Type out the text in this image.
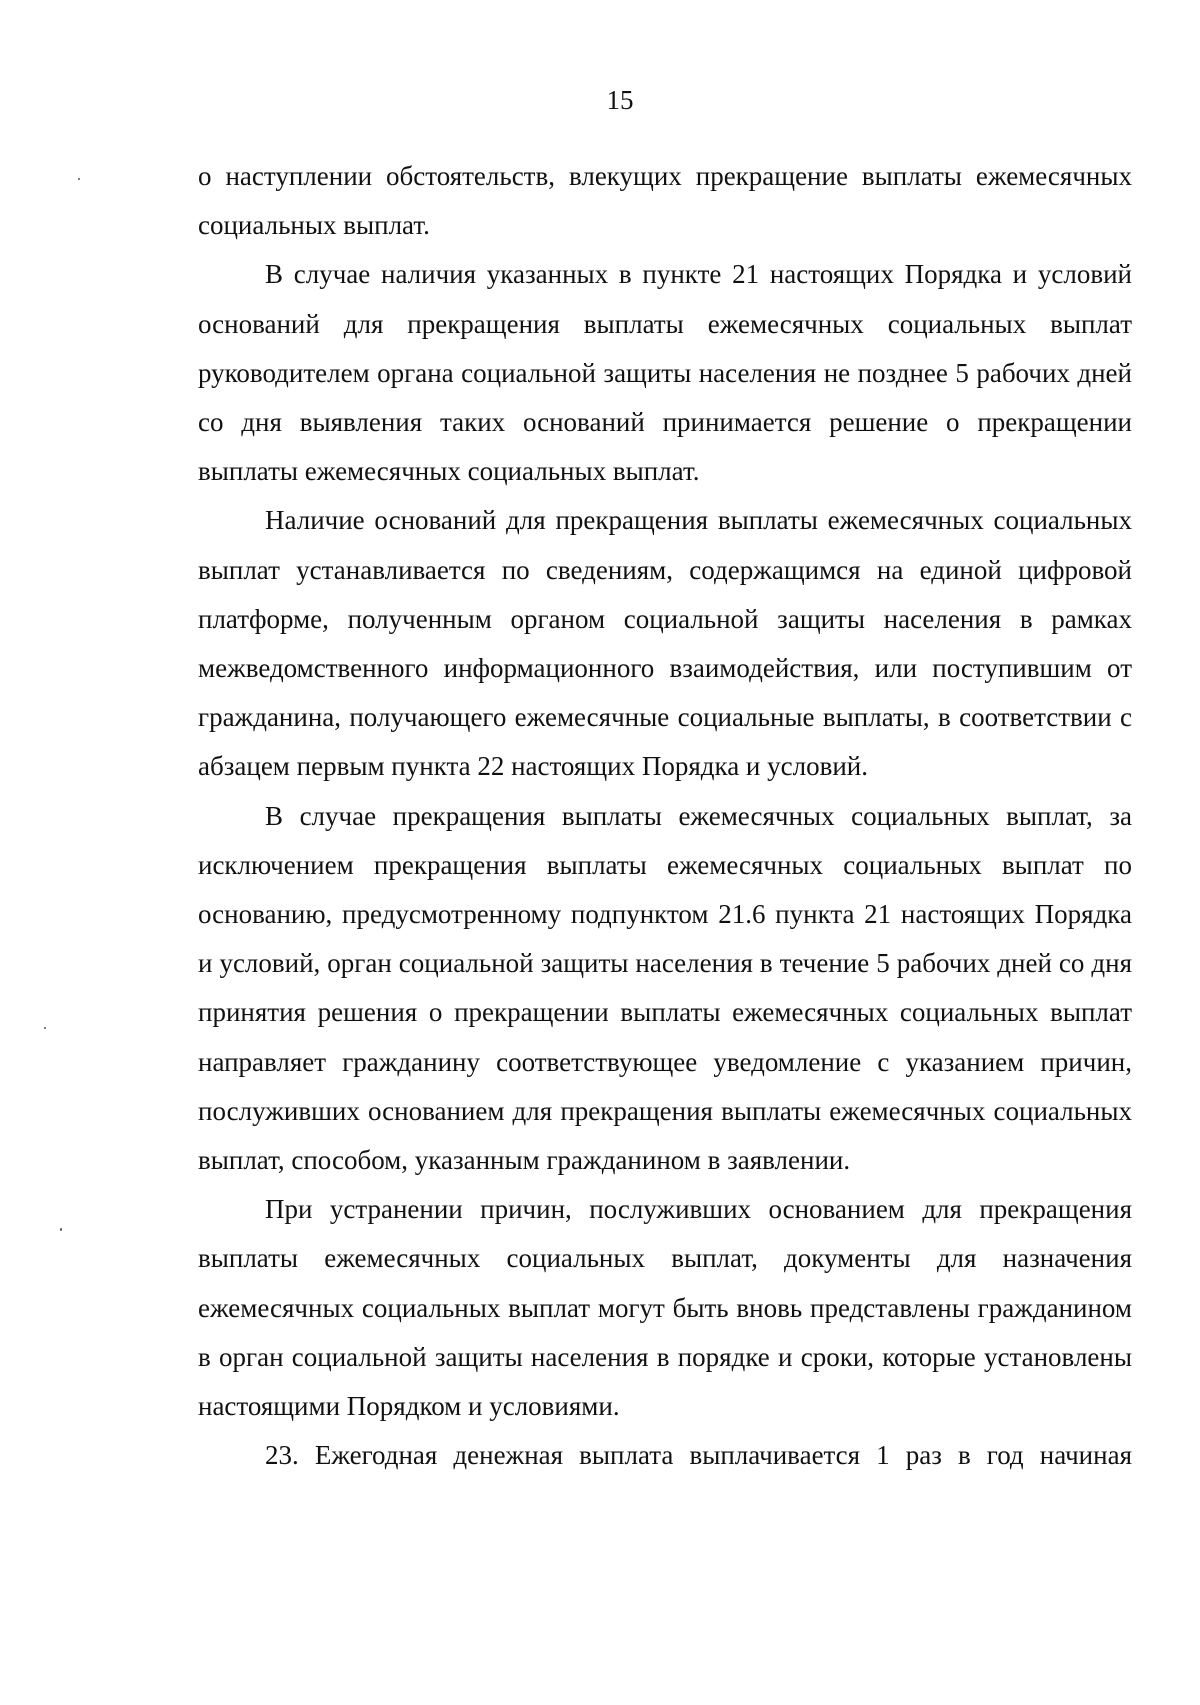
15

о наступлении обстоятельств, влекущих прекращение выплаты ежемесячных социальных выплат.

В случае наличия указанных в пункте 21 настоящих Порядка и условий оснований для прекращения выплаты ежемесячных социальных выплат руководителем органа социальной защиты населения не позднее 5 рабочих дней со дня выявления таких оснований принимается решение о прекращении выплаты ежемесячных социальных выплат.

Наличие оснований для прекращения выплаты ежемесячных социальных выплат устанавливается по сведениям, содержащимся на единой цифровой платформе, полученным органом социальной защиты населения в рамках межведомственного информационного взаимодействия, или поступившим от гражданина, получающего ежемесячные социальные выплаты, в соответствии с абзацем первым пункта 22 настоящих Порядка и условий.

В случае прекращения выплаты ежемесячных социальных выплат, за исключением прекращения выплаты ежемесячных социальных выплат по основанию, предусмотренному подпунктом 21.6 пункта 21 настоящих Порядка и условий, орган социальной защиты населения в течение 5 рабочих дней со дня принятия решения о прекращении выплаты ежемесячных социальных выплат направляет гражданину соответствующее уведомление с указанием причин, послуживших основанием для прекращения выплаты ежемесячных социальных выплат, способом, указанным гражданином в заявлении.

При устранении причин, послуживших основанием для прекращения выплаты ежемесячных социальных выплат, документы для назначения ежемесячных социальных выплат могут быть вновь представлены гражданином в орган социальной защиты населения в порядке и сроки, которые установлены настоящими Порядком и условиями.

23. Ежегодная денежная выплата выплачивается 1 раз в год начиная
